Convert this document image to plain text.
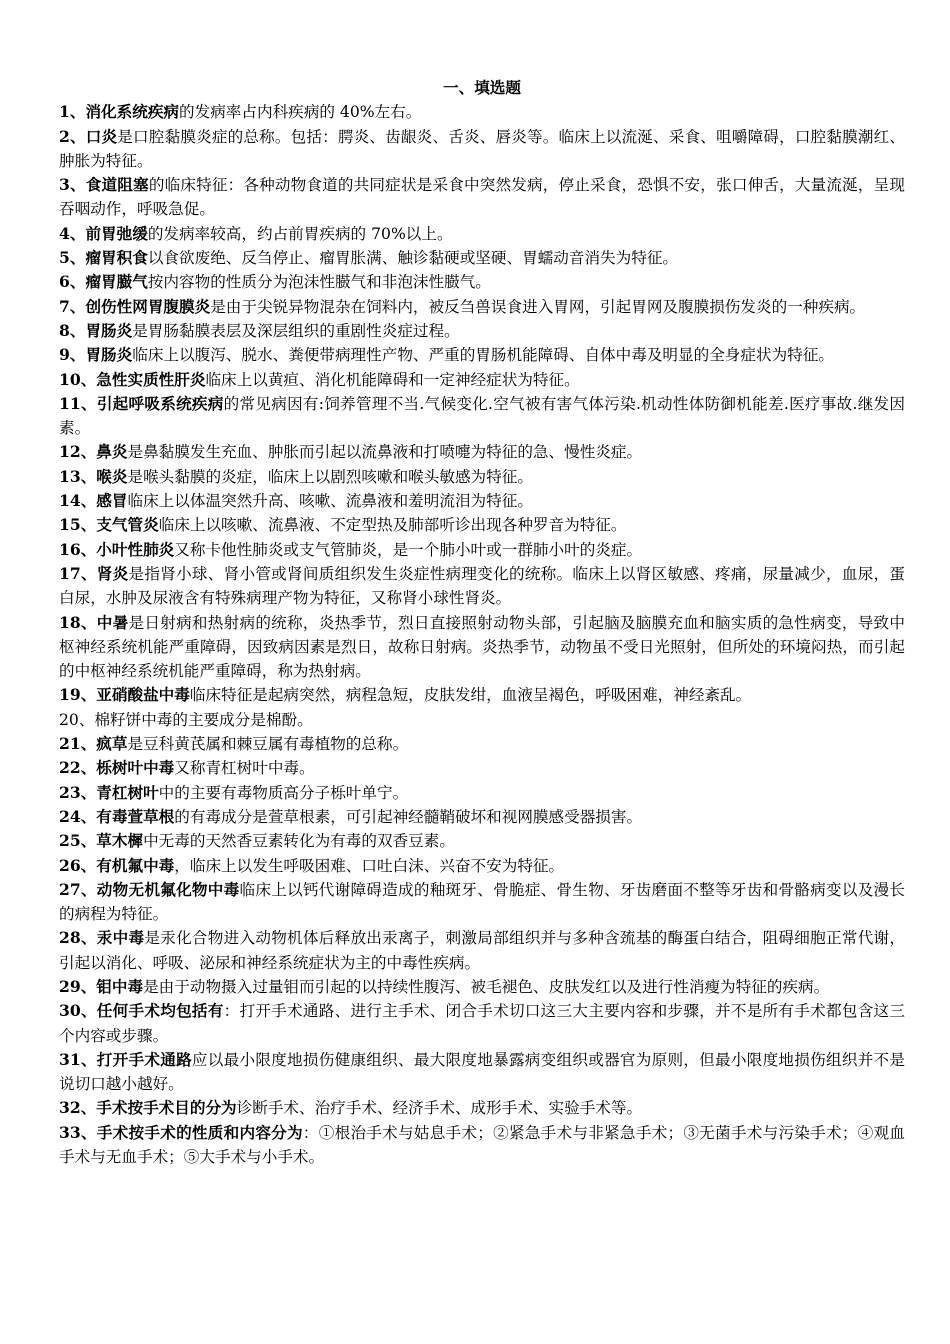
一、填选题

1、消化系统疾病的发病率占内科疾病的 40%左右。

2、口炎是口腔黏膜炎症的总称。包括：腭炎、齿龈炎、舌炎、唇炎等。临床上以流涎、采食、咀嚼障碍，口腔黏膜潮红、肿胀为特征。

3、食道阻塞的临床特征：各种动物食道的共同症状是采食中突然发病，停止采食，恐惧不安，张口伸舌，大量流涎，呈现吞咽动作，呼吸急促。

4、前胃弛缓的发病率较高，约占前胃疾病的 70%以上。

5、瘤胃积食以食欲废绝、反刍停止、瘤胃胀满、触诊黏硬或坚硬、胃蠕动音消失为特征。

6、瘤胃臌气按内容物的性质分为泡沫性臌气和非泡沫性臌气。

7、创伤性网胃腹膜炎是由于尖锐异物混杂在饲料内，被反刍兽误食进入胃网，引起胃网及腹膜损伤发炎的一种疾病。

8、胃肠炎是胃肠黏膜表层及深层组织的重剧性炎症过程。

9、胃肠炎临床上以腹泻、脱水、粪便带病理性产物、严重的胃肠机能障碍、自体中毒及明显的全身症状为特征。

10、急性实质性肝炎临床上以黄疸、消化机能障碍和一定神经症状为特征。

11、引起呼吸系统疾病的常见病因有:饲养管理不当.气候变化.空气被有害气体污染.机动性体防御机能差.医疗事故.继发因素。

12、鼻炎是鼻黏膜发生充血、肿胀而引起以流鼻液和打喷嚏为特征的急、慢性炎症。

13、喉炎是喉头黏膜的炎症，临床上以剧烈咳嗽和喉头敏感为特征。

14、感冒临床上以体温突然升高、咳嗽、流鼻液和羞明流泪为特征。

15、支气管炎临床上以咳嗽、流鼻液、不定型热及肺部听诊出现各种罗音为特征。

16、小叶性肺炎又称卡他性肺炎或支气管肺炎，是一个肺小叶或一群肺小叶的炎症。

17、肾炎是指肾小球、肾小管或肾间质组织发生炎症性病理变化的统称。临床上以肾区敏感、疼痛，尿量减少，血尿，蛋白尿，水肿及尿液含有特殊病理产物为特征，又称肾小球性肾炎。

18、中暑是日射病和热射病的统称，炎热季节，烈日直接照射动物头部，引起脑及脑膜充血和脑实质的急性病变，导致中枢神经系统机能严重障碍，因致病因素是烈日，故称日射病。炎热季节，动物虽不受日光照射，但所处的环境闷热，而引起的中枢神经系统机能严重障碍，称为热射病。

19、亚硝酸盐中毒临床特征是起病突然，病程急短，皮肤发绀，血液呈褐色，呼吸困难，神经紊乱。

20、棉籽饼中毒的主要成分是棉酚。

21、疯草是豆科黄芪属和棘豆属有毒植物的总称。

22、栎树叶中毒又称青杠树叶中毒。

23、青杠树叶中的主要有毒物质高分子栎叶单宁。

24、有毒萱草根的有毒成分是萱草根素，可引起神经髓鞘破坏和视网膜感受器损害。

25、草木樨中无毒的天然香豆素转化为有毒的双香豆素。

26、有机氟中毒，临床上以发生呼吸困难、口吐白沫、兴奋不安为特征。

27、动物无机氟化物中毒临床上以钙代谢障碍造成的釉斑牙、骨脆症、骨生物、牙齿磨面不整等牙齿和骨骼病变以及漫长的病程为特征。

28、汞中毒是汞化合物进入动物机体后释放出汞离子，刺激局部组织并与多种含巯基的酶蛋白结合，阻碍细胞正常代谢，引起以消化、呼吸、泌尿和神经系统症状为主的中毒性疾病。

29、钼中毒是由于动物摄入过量钼而引起的以持续性腹泻、被毛褪色、皮肤发红以及进行性消瘦为特征的疾病。

30、任何手术均包括有：打开手术通路、进行主手术、闭合手术切口这三大主要内容和步骤，并不是所有手术都包含这三个内容或步骤。

31、打开手术通路应以最小限度地损伤健康组织、最大限度地暴露病变组织或器官为原则，但最小限度地损伤组织并不是说切口越小越好。

32、手术按手术目的分为诊断手术、治疗手术、经济手术、成形手术、实验手术等。

33、手术按手术的性质和内容分为：①根治手术与姑息手术；②紧急手术与非紧急手术；③无菌手术与污染手术；④观血手术与无血手术；⑤大手术与小手术。
